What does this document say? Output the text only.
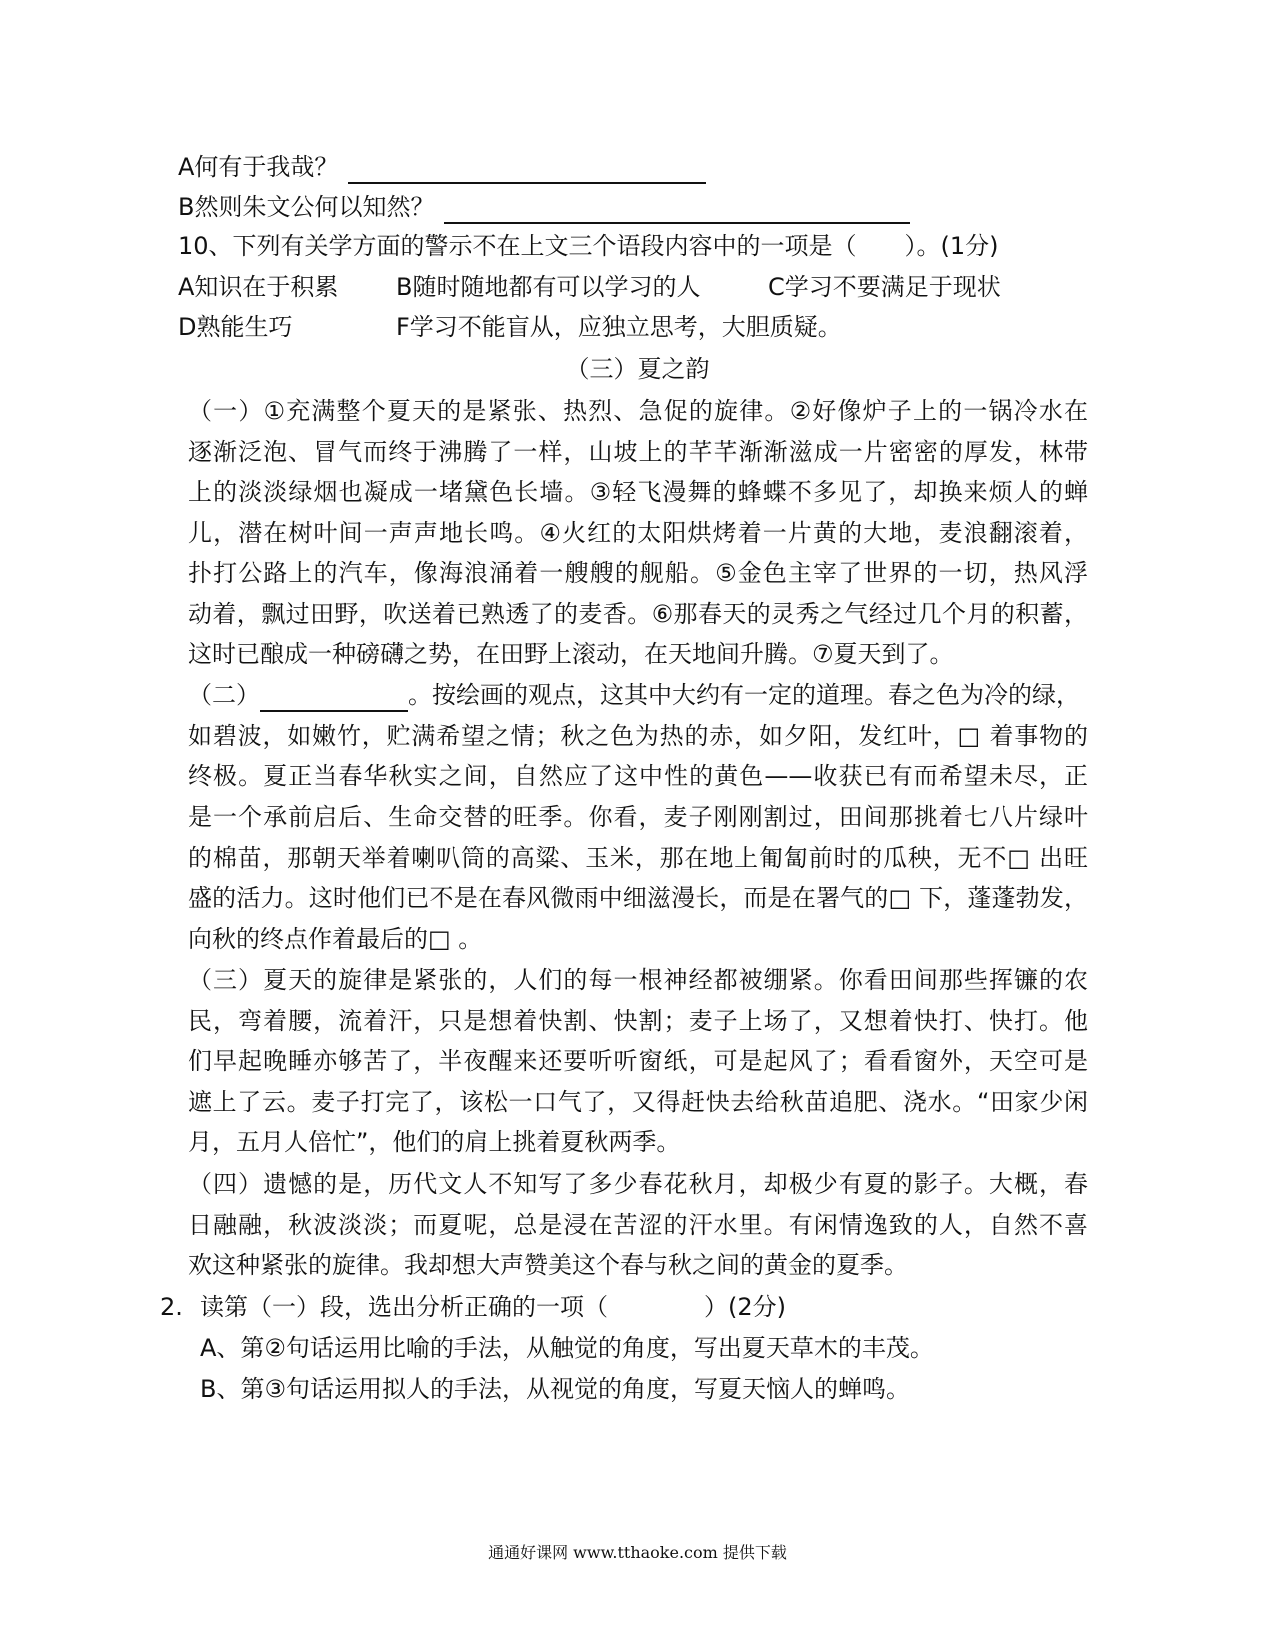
A何有于我哉？
B然则朱文公何以知然？
10、下列有关学方面的警示不在上文三个语段内容中的一项是（　　）。(1分)
A知识在于积累 B随时随地都有可以学习的人	C学习不要满足于现状
D熟能生巧	F学习不能盲从，应独立思考，大胆质疑。
（三）夏之韵
（一）①充满整个夏天的是紧张、热烈、急促的旋律。②好像炉子上的一锅冷水在
逐渐泛泡、冒气而终于沸腾了一样，山坡上的芊芊渐渐滋成一片密密的厚发，林带
上的淡淡绿烟也凝成一堵黛色长墙。③轻飞漫舞的蜂蝶不多见了，却换来烦人的蝉
儿，潜在树叶间一声声地长鸣。④火红的太阳烘烤着一片黄的大地，麦浪翻滚着，
扑打公路上的汽车，像海浪涌着一艘艘的舰船。⑤金色主宰了世界的一切，热风浮
动着，飘过田野，吹送着已熟透了的麦香。⑥那春天的灵秀之气经过几个月的积蓄，
这时已酿成一种磅礴之势，在田野上滚动，在天地间升腾。⑦夏天到了。
（二）	。按绘画的观点，这其中大约有一定的道理。春之色为冷的绿，
如碧波，如嫩竹，贮满希望之情；秋之色为热的赤，如夕阳，发红叶，□ 着事物的
终极。夏正当春华秋实之间，自然应了这中性的黄色——收获已有而希望未尽，正
是一个承前启后、生命交替的旺季。你看，麦子刚刚割过，田间那挑着七八片绿叶
的棉苗，那朝天举着喇叭筒的高粱、玉米，那在地上匍匐前时的瓜秧，无不□ 出旺
盛的活力。这时他们已不是在春风微雨中细滋漫长，而是在署气的□ 下，蓬蓬勃发，
向秋的终点作着最后的□ 。
（三）夏天的旋律是紧张的，人们的每一根神经都被绷紧。你看田间那些挥镰的农
民，弯着腰，流着汗，只是想着快割、快割；麦子上场了，又想着快打、快打。他
们早起晚睡亦够苦了，半夜醒来还要听听窗纸，可是起风了；看看窗外，天空可是
遮上了云。麦子打完了，该松一口气了，又得赶快去给秋苗追肥、浇水。“田家少闲
月，五月人倍忙”，他们的肩上挑着夏秋两季。
（四）遗憾的是，历代文人不知写了多少春花秋月，却极少有夏的影子。大概，春
日融融，秋波淡淡；而夏呢，总是浸在苦涩的汗水里。有闲情逸致的人，自然不喜
欢这种紧张的旋律。我却想大声赞美这个春与秋之间的黄金的夏季。
2. 读第（一）段，选出分析正确的一项（　　　　）(2分)
A、第②句话运用比喻的手法，从触觉的角度，写出夏天草木的丰茂。
B、第③句话运用拟人的手法，从视觉的角度，写夏天恼人的蝉鸣。
通通好课网 www.tthaoke.com 提供下载
